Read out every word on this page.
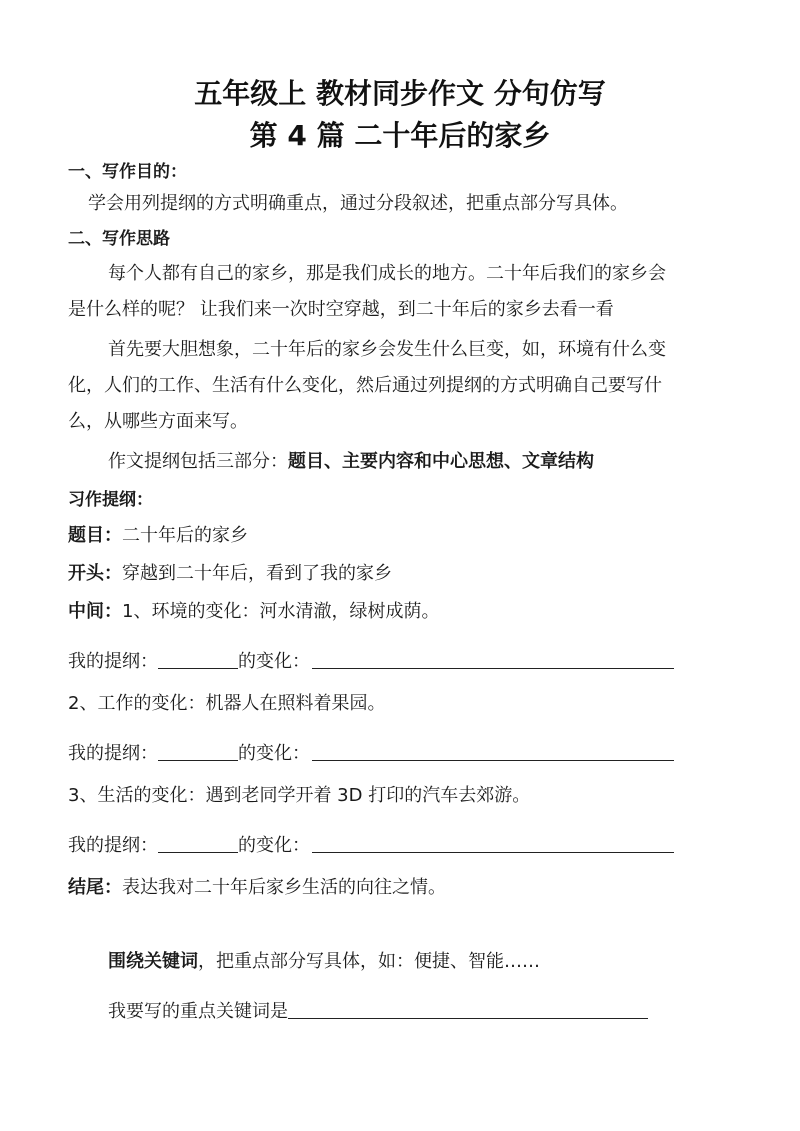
五年级上 教材同步作文 分句仿写
第 4 篇 二十年后的家乡
一、写作目的：
学会用列提纲的方式明确重点，通过分段叙述，把重点部分写具体。
二、写作思路
每个人都有自己的家乡，那是我们成长的地方。二十年后我们的家乡会
是什么样的呢？ 让我们来一次时空穿越，到二十年后的家乡去看一看
首先要大胆想象，二十年后的家乡会发生什么巨变，如，环境有什么变
化，人们的工作、生活有什么变化，然后通过列提纲的方式明确自己要写什
么，从哪些方面来写。
作文提纲包括三部分：题目、主要内容和中心思想、文章结构
习作提纲：
题目：二十年后的家乡
开头：穿越到二十年后，看到了我的家乡
中间：1、环境的变化：河水清澈，绿树成荫。
我的提纲：	的变化：
2、工作的变化：机器人在照料着果园。
我的提纲：	的变化：
3、生活的变化：遇到老同学开着 3D 打印的汽车去郊游。
我的提纲：	的变化：
结尾：表达我对二十年后家乡生活的向往之情。
围绕关键词，把重点部分写具体，如：便捷、智能……
我要写的重点关键词是
